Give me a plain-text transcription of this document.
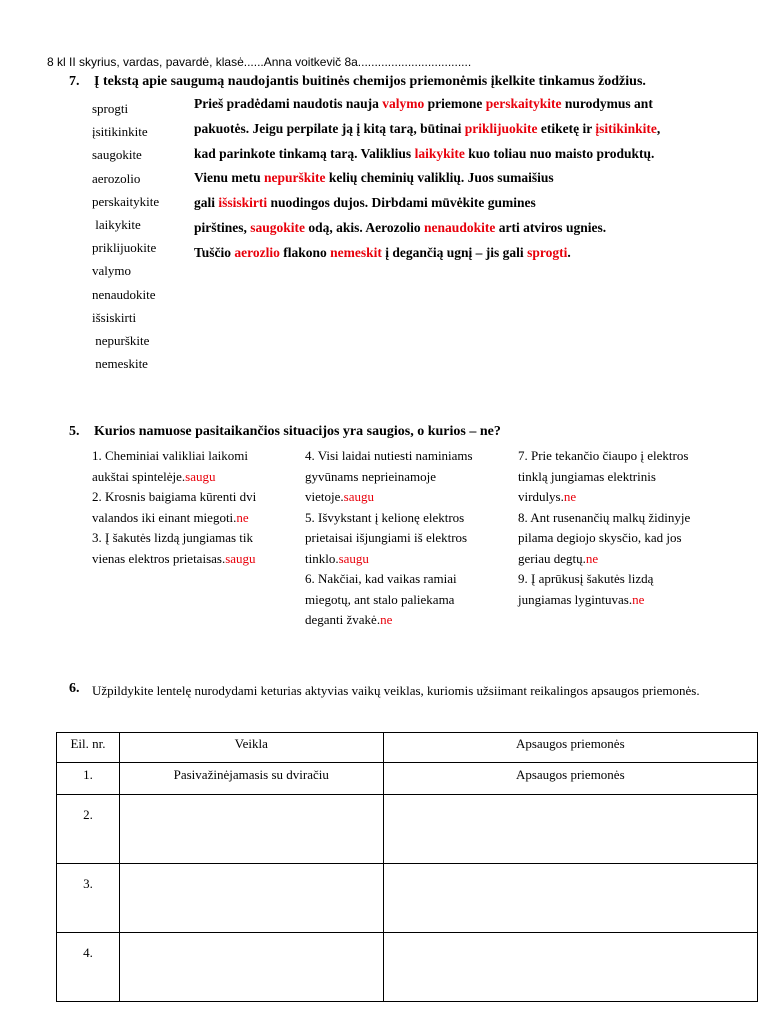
8 kl II skyrius, vardas, pavardė, klasė......Anna voitkevič 8a..................................
7. Į tekstą apie saugumą naudojantis buitinės chemijos priemonėmis įkelkite tinkamus žodžius.
sprogti
įsitikinkite
saugokite
aerozolio
perskaitykite
laikykite
priklijuokite
valymo
nenaudokite
išsiskirti
nepurškite
nemeskite
Prieš pradėdami naudotis nauja valymo priemone perskaitykite nurodymus ant
pakuotės. Jeigu perpilate ją į kitą tarą, būtinai priklijuokite etiketę ir įsitikinkite,
kad parinkote tinkamą tarą. Valiklius laikykite kuo toliau nuo maisto produktų.
Vienu metu nepurškite kelių cheminių valiklių. Juos sumaišius
gali išsiskirti nuodingos dujos. Dirbdami mūvėkite gumines
pirštines, saugokite odą, akis. Aerozolio nenaudokite arti atviros ugnies.
Tuščio aerozlio flakono nemeskit į degančią ugnį – jis gali sprogti.
5. Kurios namuose pasitaikančios situacijos yra saugios, o kurios – ne?
1. Cheminiai valikliai laikomi
aukštai spintelėje.saugu
2. Krosnis baigiama kūrenti dvi
valandos iki einant miegoti.ne
3. Į šakutės lizdą jungiamas tik
vienas elektros prietaisas.saugu
4. Visi laidai nutiesti naminiams
gyvūnams neprieinamoje
vietoje.saugu
5. Išvykstant į kelionę elektros
prietaisai išjungiami iš elektros
tinklo.saugu
6. Nakčiai, kad vaikas ramiai
miegotų, ant stalo paliekama
deganti žvakė.ne
7. Prie tekančio čiaupo į elektros
tinklą jungiamas elektrinis
virdulys.ne
8. Ant rusenančių malkų židinyje
pilama degiojo skysčio, kad jos
geriau degtų.ne
9. Į aprūkusį šakutės lizdą
jungiamas lygintuvas.ne
6. Užpildykite lentelę nurodydami keturias aktyvias vaikų veiklas, kuriomis užsiimant reikalingos apsaugos priemonės.
Eil. nr.	Veikla	Apsaugos priemonės
1.	Pasivažinėjamasis su dviračiu	Apsaugos priemonės
2.		
3.		
4.		
